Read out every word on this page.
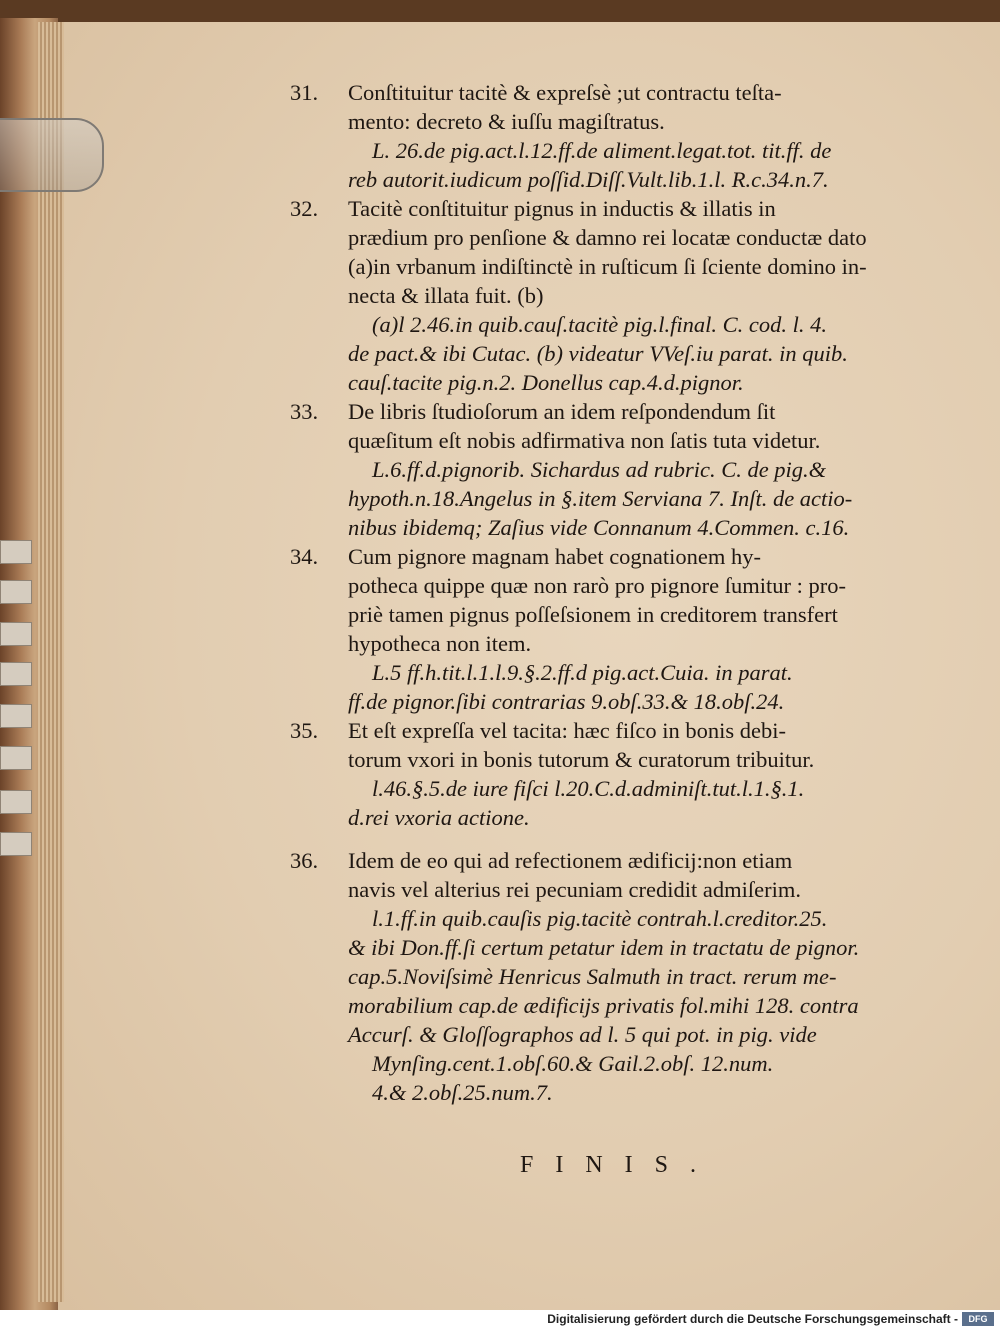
31. Conſtituitur tacitè & expreſsè ;ut contractu teſta-
mento: decreto & iuſſu magiſtratus.
L. 26.de pig.act.l.12.ff.de aliment.legat.tot. tit.ff. de
reb autorit.iudicum poſſid.Diſſ.Vult.lib.1.l. R.c.34.n.7.
32. Tacitè conſtituitur pignus in inductis & illatis in
prædium pro penſione & damno rei locatæ conductæ dato
(a)in vrbanum indiſtinctè in ruſticum ſi ſciente domino in-
necta & illata fuit. (b)
(a)l 2.46.in quib.cauſ.tacitè pig.l.final. C. cod. l. 4.
de pact.& ibi Cutac. (b) videatur VVeſ.iu parat. in quib.
cauſ.tacite pig.n.2. Donellus cap.4.d.pignor.
33. De libris ſtudioſorum an idem reſpondendum ſit
quæſitum eſt nobis adfirmativa non ſatis tuta videtur.
L.6.ff.d.pignorib. Sichardus ad rubric. C. de pig.&
hypoth.n.18.Angelus in §.item Serviana 7. Inſt. de actio-
nibus ibidemq; Zaſius vide Connanum 4.Commen. c.16.
34. Cum pignore magnam habet cognationem hy-
potheca quippe quæ non rarò pro pignore ſumitur : pro-
priè tamen pignus poſſeſsionem in creditorem transfert
hypotheca non item.
L.5 ff.h.tit.l.1.l.9.§.2.ff.d pig.act.Cuia. in parat.
ff.de pignor.ſibi contrarias 9.obſ.33.& 18.obſ.24.
35. Et eſt expreſſa vel tacita: hæc fiſco in bonis debi-
torum vxori in bonis tutorum & curatorum tribuitur.
l.46.§.5.de iure fiſci l.20.C.d.adminiſt.tut.l.1.§.1.
d.rei vxoria actione.
36. Idem de eo qui ad refectionem ædificij:non etiam
navis vel alterius rei pecuniam credidit admiſerim.
l.1.ff.in quib.cauſis pig.tacitè contrah.l.creditor.25.
& ibi Don.ff.ſi certum petatur idem in tractatu de pignor.
cap.5.Noviſsimè Henricus Salmuth in tract. rerum me-
morabilium cap.de ædificijs privatis fol.mihi 128. contra
Accurſ. & Gloſſographos ad l. 5 qui pot. in pig. vide
Mynſing.cent.1.obſ.60.& Gail.2.obſ. 12.num.
4.& 2.obſ.25.num.7.
FINIS.
Digitalisierung gefördert durch die Deutsche Forschungsgemeinschaft -	DFG
